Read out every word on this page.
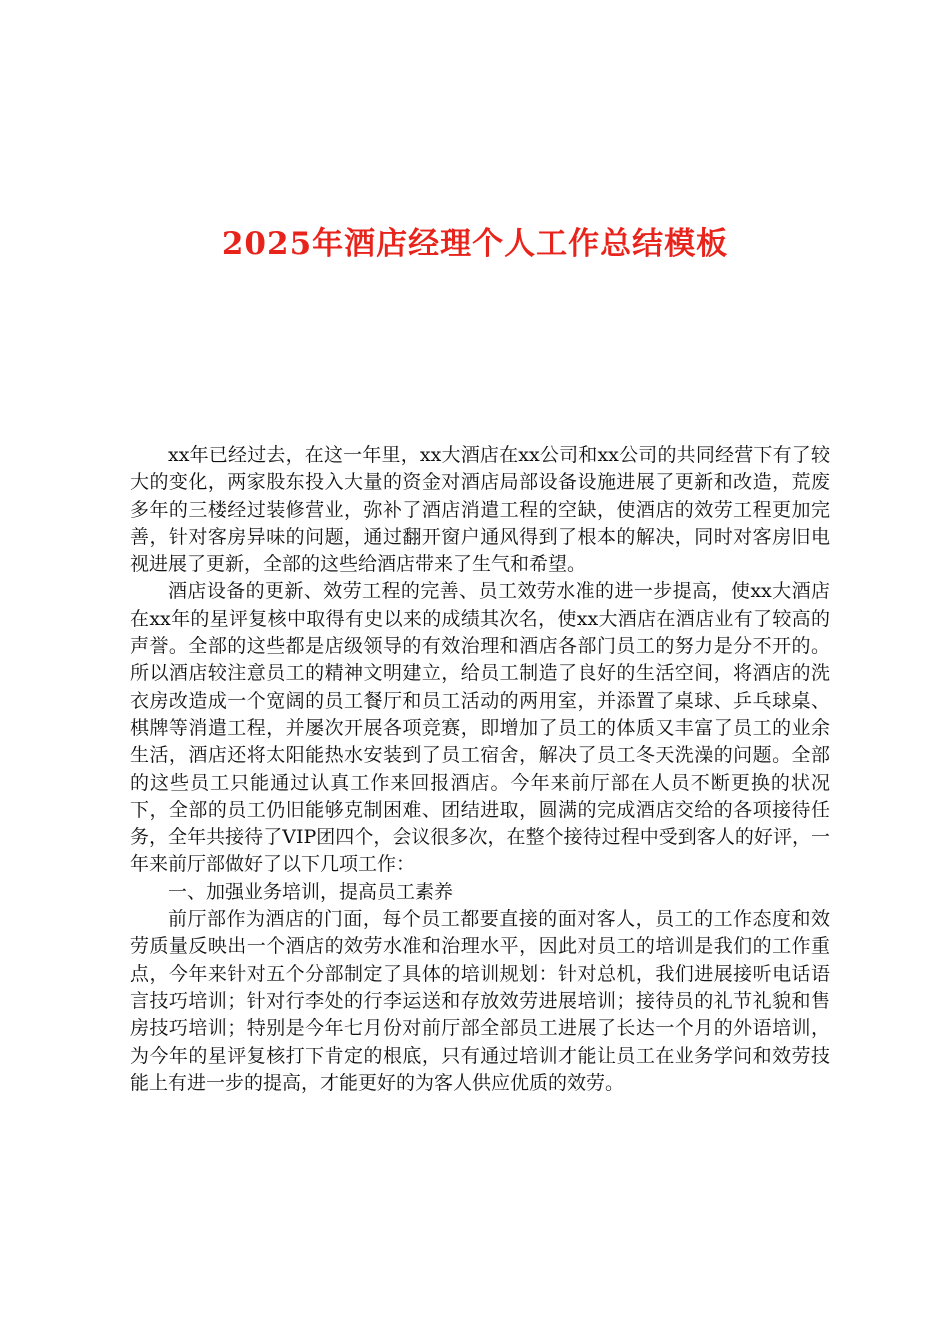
2025年酒店经理个人工作总结模板

xx年已经过去，在这一年里，xx大酒店在xx公司和xx公司的共同经营下有了较大的变化，两家股东投入大量的资金对酒店局部设备设施进展了更新和改造，荒废多年的三楼经过装修营业，弥补了酒店消遣工程的空缺，使酒店的效劳工程更加完善，针对客房异味的问题，通过翻开窗户通风得到了根本的解决，同时对客房旧电视进展了更新，全部的这些给酒店带来了生气和希望。

酒店设备的更新、效劳工程的完善、员工效劳水准的进一步提高，使xx大酒店在xx年的星评复核中取得有史以来的成绩其次名，使xx大酒店在酒店业有了较高的声誉。全部的这些都是店级领导的有效治理和酒店各部门员工的努力是分不开的。所以酒店较注意员工的精神文明建立，给员工制造了良好的生活空间，将酒店的洗衣房改造成一个宽阔的员工餐厅和员工活动的两用室，并添置了桌球、乒乓球桌、棋牌等消遣工程，并屡次开展各项竞赛，即增加了员工的体质又丰富了员工的业余生活，酒店还将太阳能热水安装到了员工宿舍，解决了员工冬天洗澡的问题。全部的这些员工只能通过认真工作来回报酒店。今年来前厅部在人员不断更换的状况下，全部的员工仍旧能够克制困难、团结进取，圆满的完成酒店交给的各项接待任务，全年共接待了VIP团四个，会议很多次，在整个接待过程中受到客人的好评，一年来前厅部做好了以下几项工作：

一、加强业务培训，提高员工素养

前厅部作为酒店的门面，每个员工都要直接的面对客人，员工的工作态度和效劳质量反映出一个酒店的效劳水准和治理水平，因此对员工的培训是我们的工作重点，今年来针对五个分部制定了具体的培训规划：针对总机，我们进展接听电话语言技巧培训；针对行李处的行李运送和存放效劳进展培训；接待员的礼节礼貌和售房技巧培训；特别是今年七月份对前厅部全部员工进展了长达一个月的外语培训，为今年的星评复核打下肯定的根底，只有通过培训才能让员工在业务学问和效劳技能上有进一步的提高，才能更好的为客人供应优质的效劳。
